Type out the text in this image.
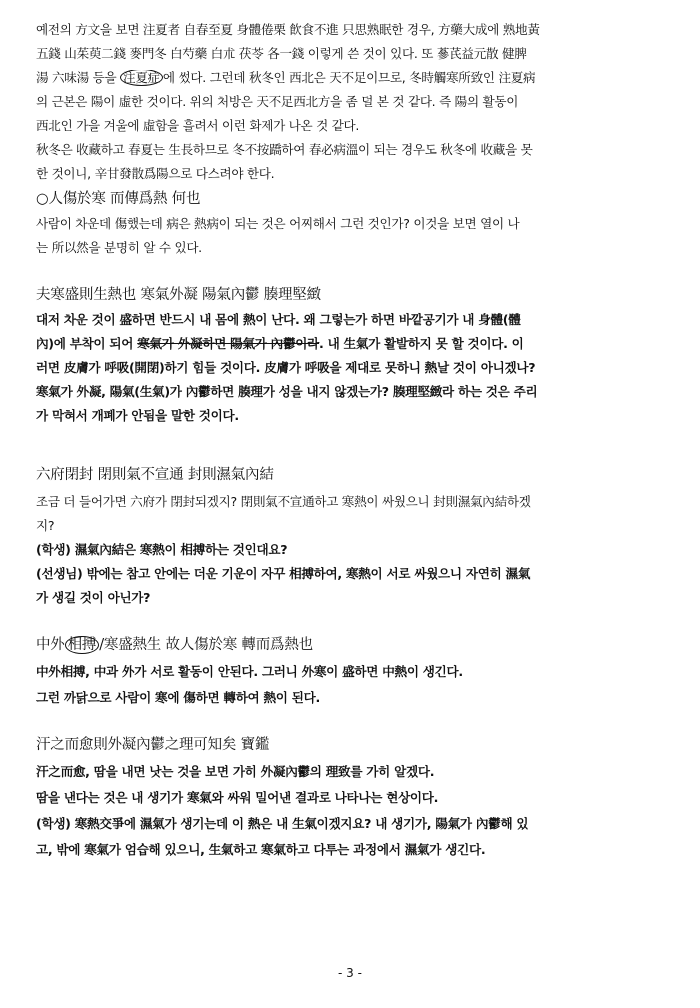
예전의 方文을 보면 注夏者 自春至夏 身體倦栗 飮食不進 只思熟眠한 경우, 方藥大成에 熟地黃
五錢 山茱萸二錢 麥門冬 白芍藥 白朮 茯苓 各一錢 이렇게 쓴 것이 있다. 또 蔘芪益元散 健脾
湯 六味湯 등을 注夏症 에 썼다. 그런데 秋冬인 西北은 天不足이므로, 冬時觸寒所致인 注夏病
의 근본은 陽이 虛한 것이다. 위의 처방은 天不足西北方을 좀 덜 본 것 같다. 즉 陽의 활동이
西北인 가을 겨울에 虛함을 흘려서 이런 화제가 나온 것 같다.
秋冬은 收藏하고 春夏는 生長하므로 冬不按蹻하여 春必病溫이 되는 경우도 秋冬에 收藏을 못
한 것이니, 辛甘發散爲陽으로 다스려야 한다.
○人傷於寒 而傳爲熱 何也
사람이 차운데 傷했는데 病은 熱病이 되는 것은 어찌해서 그런 것인가? 이것을 보면 열이 나
는 所以然을 분명히 알 수 있다.
夫寒盛則生熱也 寒氣外凝 陽氣內鬱 腠理堅緻
대저 차운 것이 盛하면 반드시 내 몸에 熱이 난다. 왜 그렇는가 하면 바깥공기가 내 身體(體
內)에 부착이 되어 寒氣가 外凝하면 陽氣가 內鬱이라. 내 生氣가 활발하지 못 할 것이다. 이
러면 皮膚가 呼吸(開閉)하기 힘들 것이다. 皮膚가 呼吸을 제대로 못하니 熱날 것이 아니겠나?
寒氣가 外凝, 陽氣(生氣)가 內鬱하면 腠理가 성을 내지 않겠는가? 腠理堅緻라 하는 것은 주리
가 막혀서 개폐가 안됨을 말한 것이다.
六府閉封 閉則氣不宣通 封則濕氣內結
조금 더 들어가면 六府가 閉封되겠지? 閉則氣不宣通하고 寒熱이 싸웠으니 封則濕氣內結하겠
지?
(학생) 濕氣內結은 寒熱이 相搏하는 것인대요?
(선생님) 밖에는 참고 안에는 더운 기운이 자꾸 相搏하여, 寒熱이 서로 싸웠으니 자연히 濕氣
가 생길 것이 아닌가?
中外 相搏 /寒盛熱生 故人傷於寒 轉而爲熱也
中外相搏, 中과 外가 서로 활동이 안된다. 그러니 外寒이 盛하면 中熱이 생긴다.
그런 까닭으로 사람이 寒에 傷하면 轉하여 熱이 된다.
汗之而愈則外凝內鬱之理可知矣 寶鑑
汗之而愈, 땀을 내면 낫는 것을 보면 가히 外凝內鬱의 理致를 가히 알겠다.
땀을 낸다는 것은 내 생기가 寒氣와 싸워 밀어낸 결과로 나타나는 현상이다.
(학생) 寒熱交爭에 濕氣가 생기는데 이 熱은 내 生氣이겠지요? 내 생기가, 陽氣가 內鬱해 있
고, 밖에 寒氣가 엄습해 있으니, 生氣하고 寒氣하고 다투는 과정에서 濕氣가 생긴다.
- 3 -
